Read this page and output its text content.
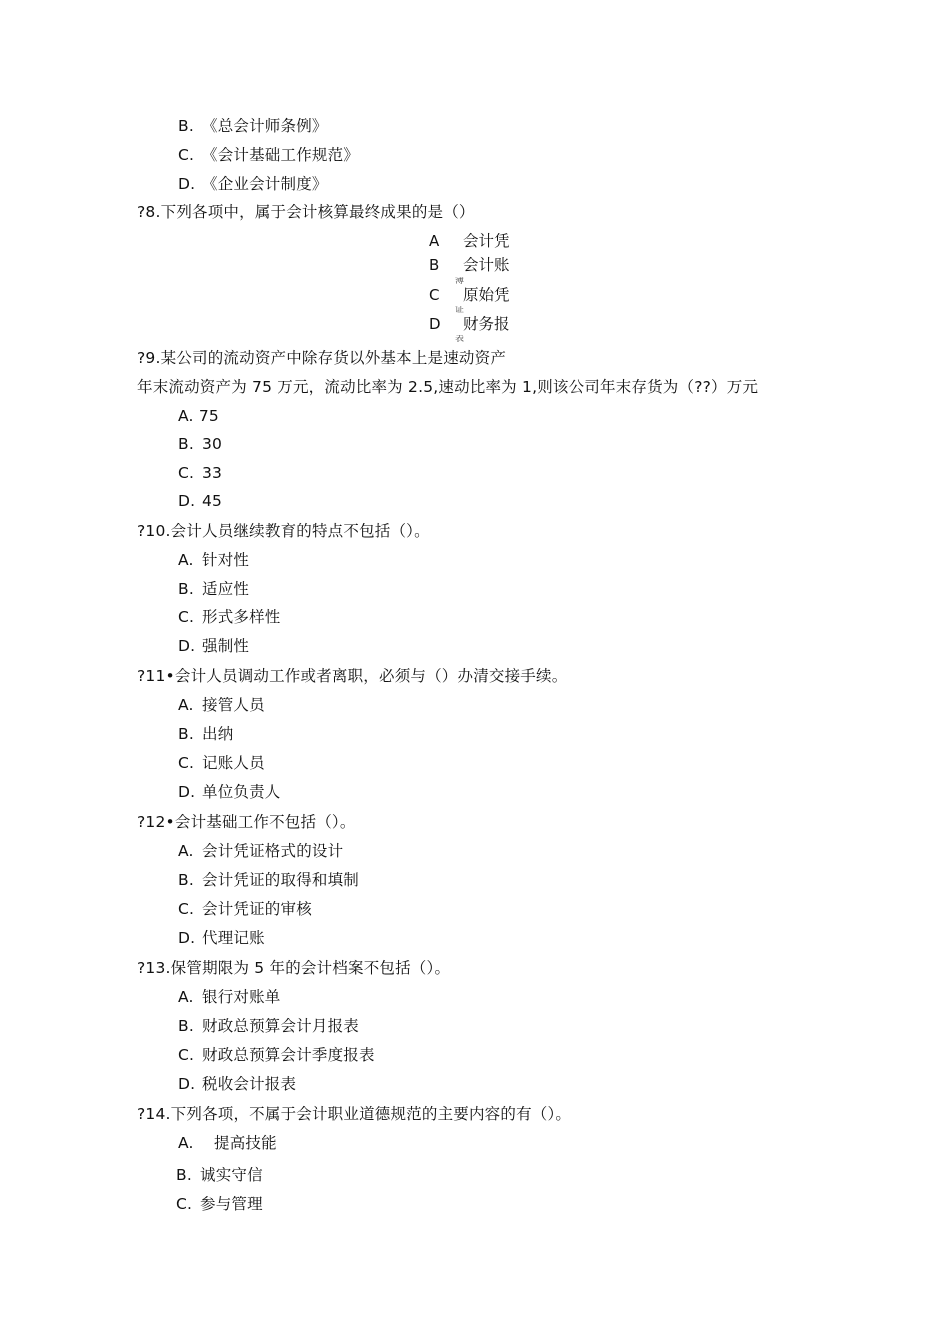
B. 《总会计师条例》
C. 《会计基础工作规范》
D. 《企业会计制度》
?8.下列各项中，属于会计核算最终成果的是（）
A 会计凭
B 会计账
簿
C 原始凭
证
D 财务报
表
?9.某公司的流动资产中除存货以外基本上是速动资产
年末流动资产为 75 万元，流动比率为 2.5,速动比率为 1,则该公司年末存货为（??）万元
A. 75
B. 30
C. 33
D. 45
?10.会计人员继续教育的特点不包括（）。
A. 针对性
B. 适应性
C. 形式多样性
D. 强制性
?11•会计人员调动工作或者离职，必须与（）办清交接手续。
A. 接管人员
B. 出纳
C. 记账人员
D. 单位负责人
?12•会计基础工作不包括（）。
A. 会计凭证格式的设计
B. 会计凭证的取得和填制
C. 会计凭证的审核
D. 代理记账
?13.保管期限为 5 年的会计档案不包括（）。
A. 银行对账单
B. 财政总预算会计月报表
C. 财政总预算会计季度报表
D. 税收会计报表
?14.下列各项，不属于会计职业道德规范的主要内容的有（）。
A. 提高技能
B. 诚实守信
C. 参与管理
